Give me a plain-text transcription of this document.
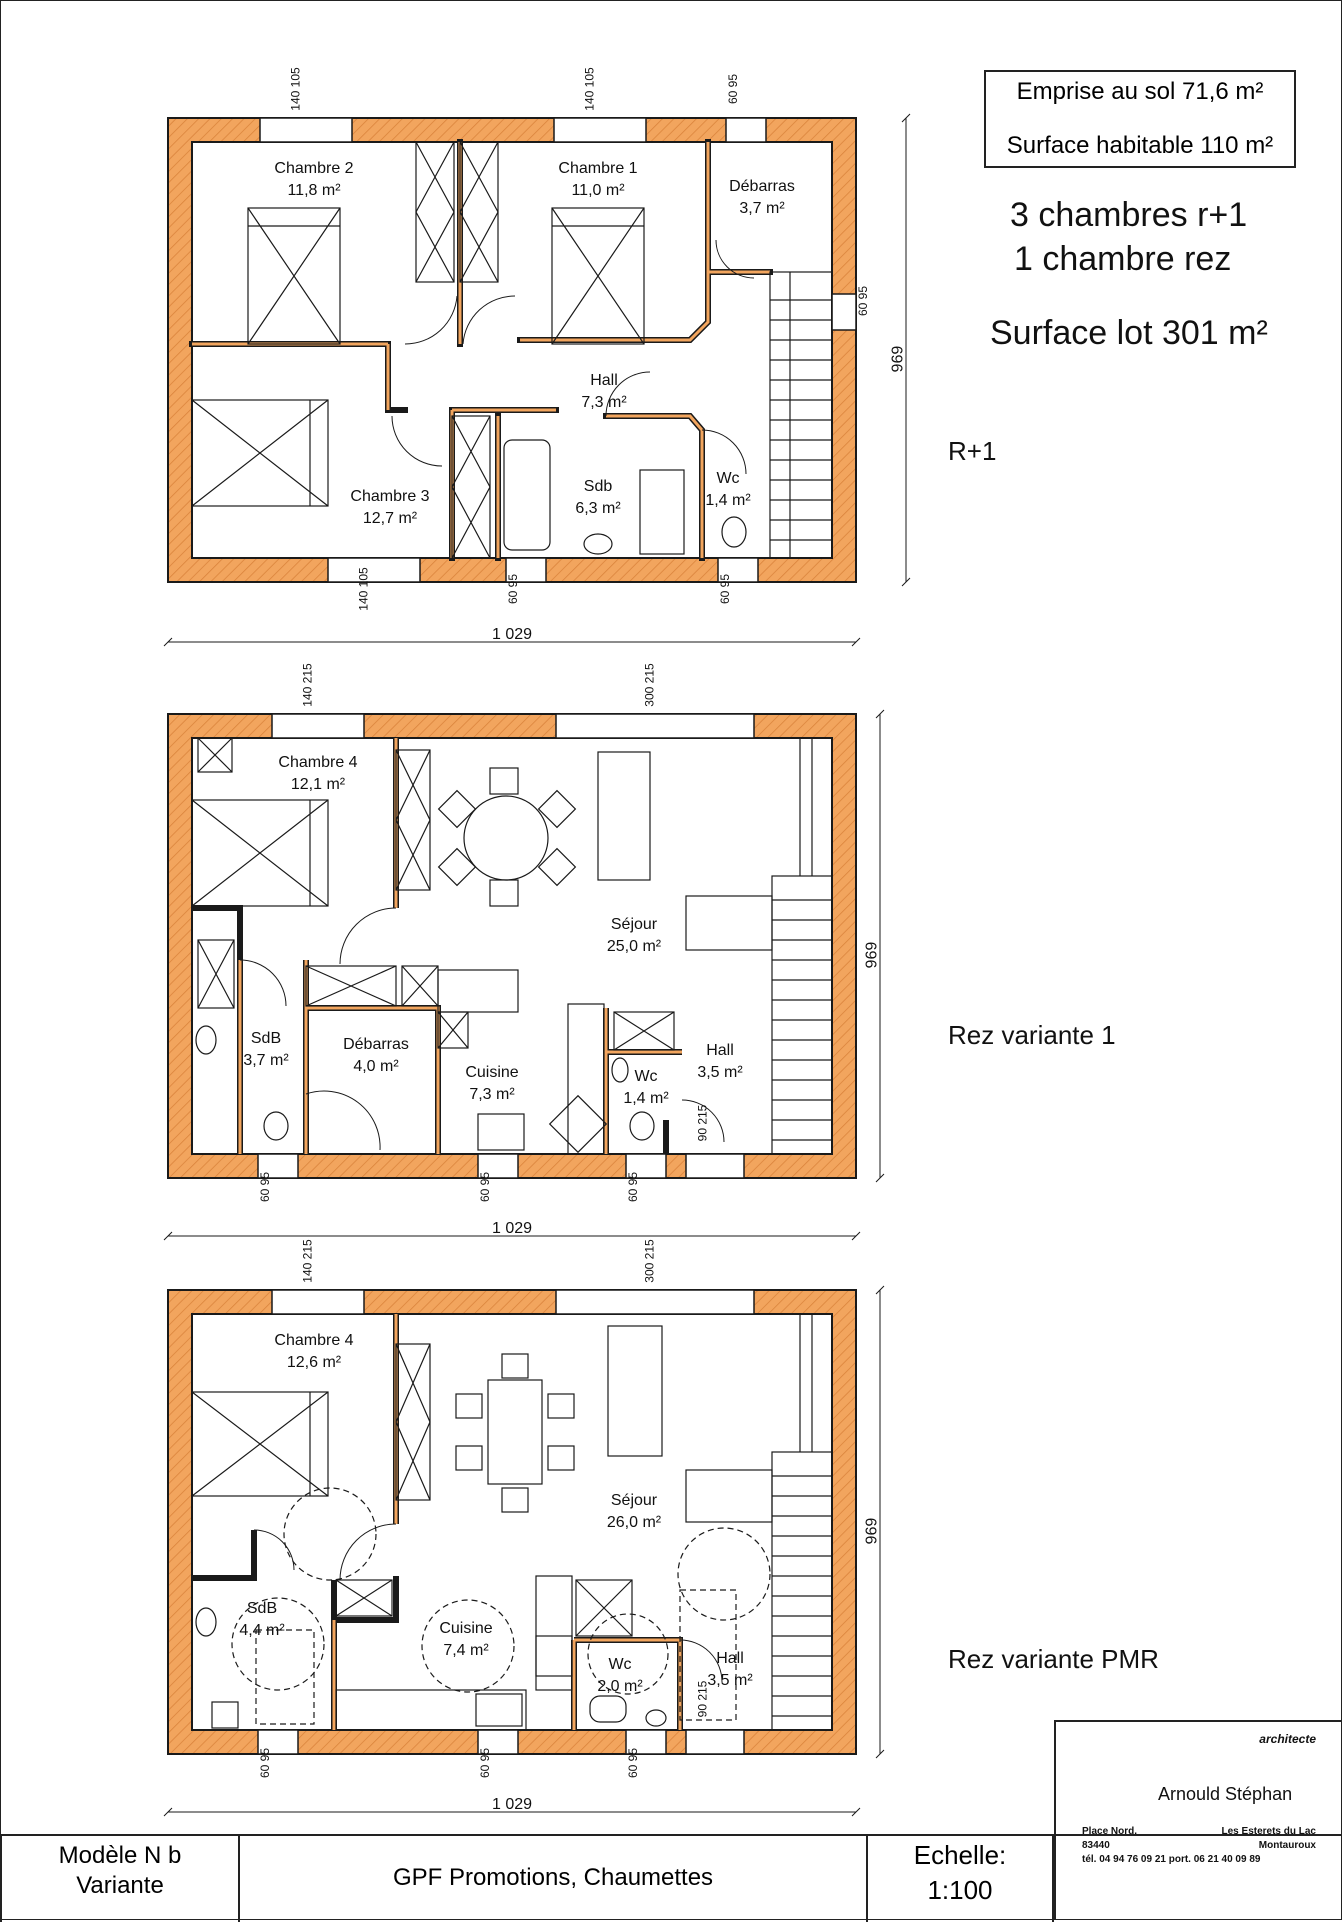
Emprise au sol 71,6 m²
Surface habitable 110 m²
3 chambres r+1
1 chambre rez
Surface lot 301 m²
R+1
Rez variante 1
Rez variante PMR
Chambre 2
11,8 m²
Chambre 1
11,0 m²	Débarras
3,7 m²
Hall
7,3 m²
Chambre 3
12,7 m²
Sdb
6,3 m²
Wc
1,4 m²
140 105	140 105	60 95
60 95
140 105	60 95	60 95
1 029
696
Chambre 4
12,1 m²
Séjour
25,0 m²
SdB
3,7 m²
Débarras
4,0 m²	Cuisine
7,3 m²
Wc
1,4 m²
Hall
3,5 m²
140 215	300 215
60 95	60 95	60 95
90 215
1 029
696
Chambre 4
12,6 m²
Séjour
26,0 m²
SdB
4,4 m²	Cuisine
7,4 m²
Wc
2,0 m²
Hall
3,5 m²
140 215	300 215
60 95	60 95	60 95
90 215
1 029
696
architecte
Arnould Stéphan
Place Nord,	Les Esterets du Lac
83440	Montauroux
tél. 04 94 76 09 21 port. 06 21 40 09 89
Modèle N b
Variante	GPF Promotions, Chaumettes
Echelle:
1:100
